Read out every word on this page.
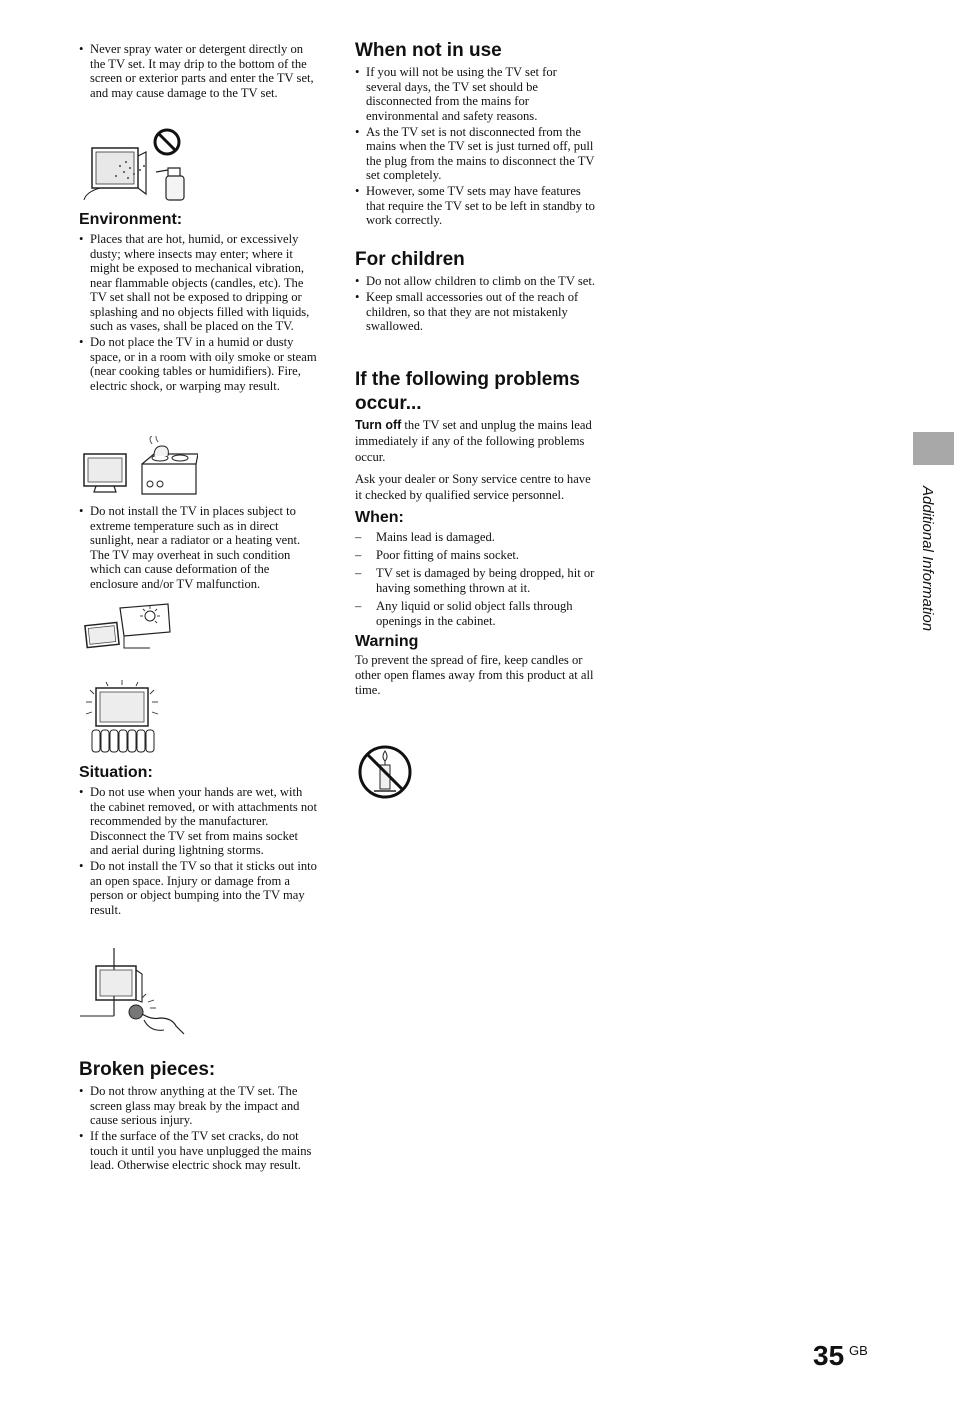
• Never spray water or detergent directly on the TV set. It may drip to the bottom of the screen or exterior parts and enter the TV set, and may cause damage to the TV set.
Environment:
• Places that are hot, humid, or excessively dusty; where insects may enter; where it might be exposed to mechanical vibration, near flammable objects (candles, etc). The TV set shall not be exposed to dripping or splashing and no objects filled with liquids, such as vases, shall be placed on the TV.
• Do not place the TV in a humid or dusty space, or in a room with oily smoke or steam (near cooking tables or humidifiers). Fire, electric shock, or warping may result.
• Do not install the TV in places subject to extreme temperature such as in direct sunlight, near a radiator or a heating vent. The TV may overheat in such condition which can cause deformation of the enclosure and/or TV malfunction.
Situation:
• Do not use when your hands are wet, with the cabinet removed, or with attachments not recommended by the manufacturer. Disconnect the TV set from mains socket and aerial during lightning storms.
• Do not install the TV so that it sticks out into an open space. Injury or damage from a person or object bumping into the TV may result.
Broken pieces:
• Do not throw anything at the TV set. The screen glass may break by the impact and cause serious injury.
• If the surface of the TV set cracks, do not touch it until you have unplugged the mains lead. Otherwise electric shock may result.
When not in use
• If you will not be using the TV set for several days, the TV set should be disconnected from the mains for environmental and safety reasons.
• As the TV set is not disconnected from the mains when the TV set is just turned off, pull the plug from the mains to disconnect the TV set completely.
• However, some TV sets may have features that require the TV set to be left in standby to work correctly.
For children
• Do not allow children to climb on the TV set.
• Keep small accessories out of the reach of children, so that they are not mistakenly swallowed.
If the following problems occur...

Turn off the TV set and unplug the mains lead immediately if any of the following problems occur.

Ask your dealer or Sony service centre to have it checked by qualified service personnel.

When:
– Mains lead is damaged.
– Poor fitting of mains socket.
– TV set is damaged by being dropped, hit or having something thrown at it.
– Any liquid or solid object falls through openings in the cabinet.
Warning

To prevent the spread of fire, keep candles or other open flames away from this product at all time.

Additional Information
35 GB
